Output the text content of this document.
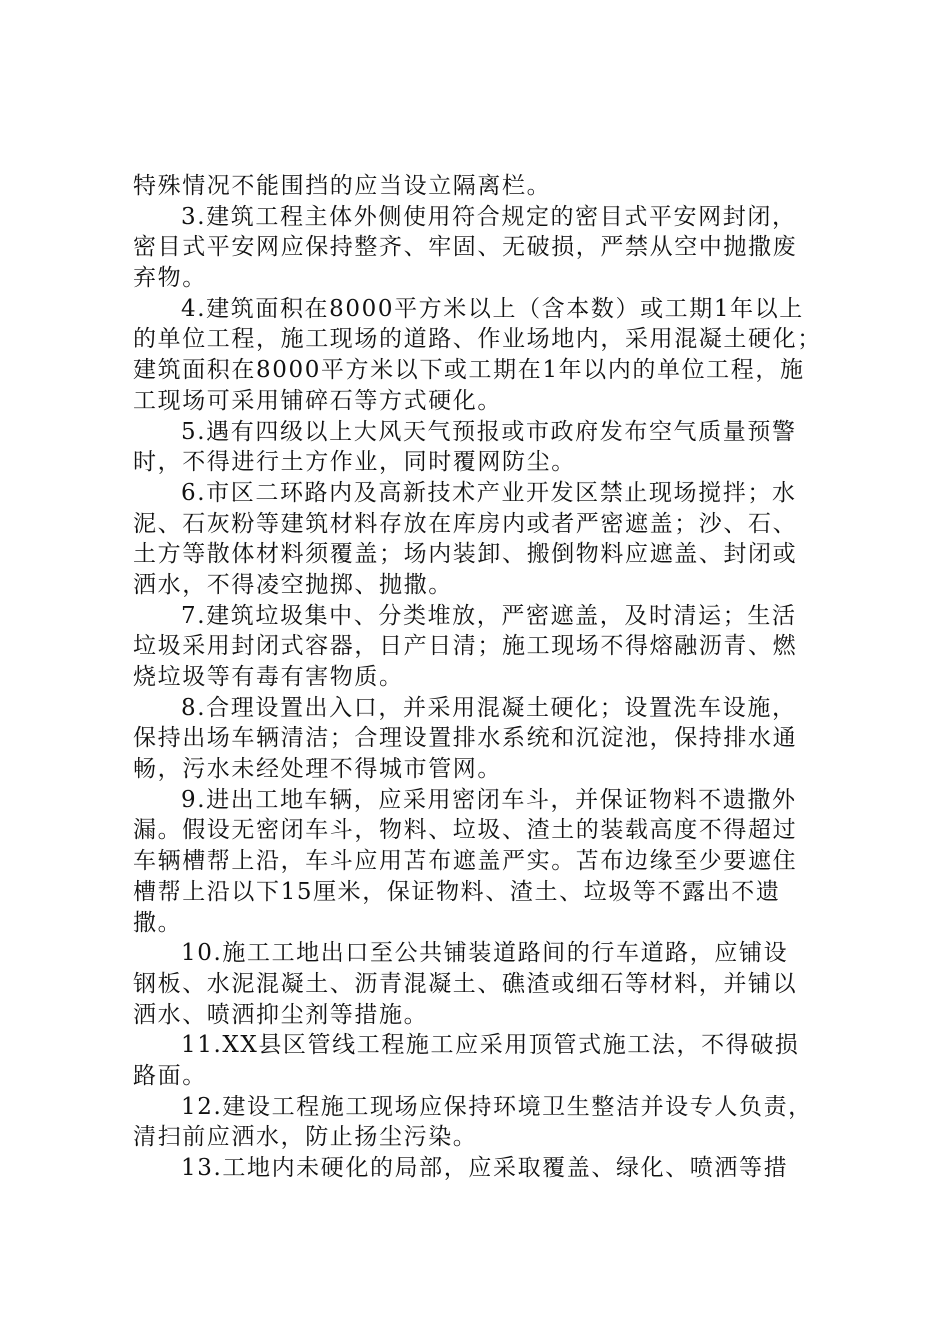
特殊情况不能围挡的应当设立隔离栏。
3.建筑工程主体外侧使用符合规定的密目式平安网封闭，
密目式平安网应保持整齐、牢固、无破损，严禁从空中抛撒废
弃物。
4.建筑面积在8000平方米以上（含本数）或工期1年以上
的单位工程，施工现场的道路、作业场地内，采用混凝土硬化；
建筑面积在8000平方米以下或工期在1年以内的单位工程，施
工现场可采用铺碎石等方式硬化。
5.遇有四级以上大风天气预报或市政府发布空气质量预警
时，不得进行土方作业，同时覆网防尘。
6.市区二环路内及高新技术产业开发区禁止现场搅拌；水
泥、石灰粉等建筑材料存放在库房内或者严密遮盖；沙、石、
土方等散体材料须覆盖；场内装卸、搬倒物料应遮盖、封闭或
洒水，不得凌空抛掷、抛撒。
7.建筑垃圾集中、分类堆放，严密遮盖，及时清运；生活
垃圾采用封闭式容器，日产日清；施工现场不得熔融沥青、燃
烧垃圾等有毒有害物质。
8.合理设置出入口，并采用混凝土硬化；设置洗车设施，
保持出场车辆清洁；合理设置排水系统和沉淀池，保持排水通
畅，污水未经处理不得城市管网。
9.进出工地车辆，应采用密闭车斗，并保证物料不遗撒外
漏。假设无密闭车斗，物料、垃圾、渣土的装载高度不得超过
车辆槽帮上沿，车斗应用苫布遮盖严实。苫布边缘至少要遮住
槽帮上沿以下15厘米，保证物料、渣土、垃圾等不露出不遗
撒。
10.施工工地出口至公共铺装道路间的行车道路，应铺设
钢板、水泥混凝土、沥青混凝土、礁渣或细石等材料，并铺以
洒水、喷洒抑尘剂等措施。
11.XX县区管线工程施工应采用顶管式施工法，不得破损
路面。
12.建设工程施工现场应保持环境卫生整洁并设专人负责，
清扫前应洒水，防止扬尘污染。
13.工地内未硬化的局部，应采取覆盖、绿化、喷洒等措
